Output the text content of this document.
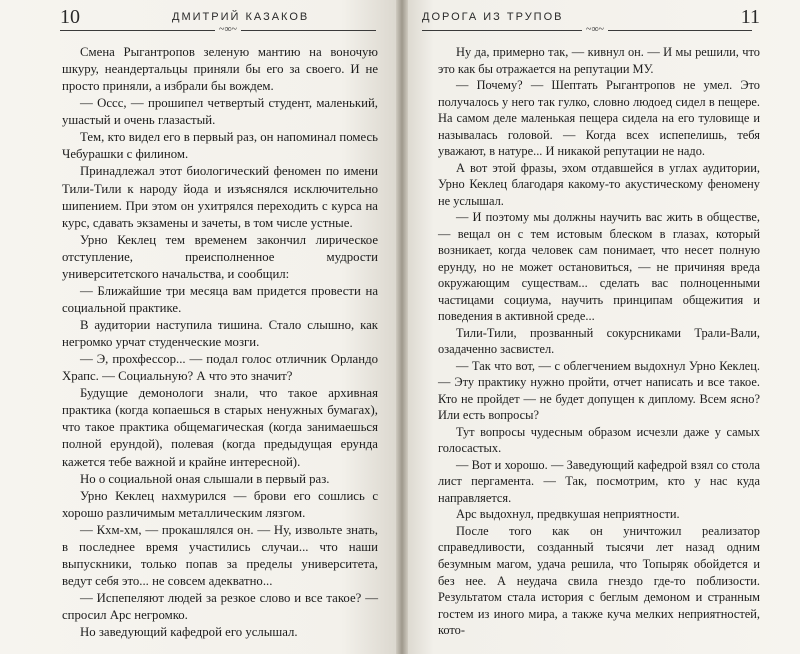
10	ДМИТРИЙ КАЗАКОВ
~∞~

Смена Рыгантропов зеленую мантию на воночую шкуру, неандертальцы приняли бы его за своего. И не просто приняли, а избрали бы вождем.

— Оссс, — прошипел четвертый студент, маленький, ушастый и очень глазастый.

Тем, кто видел его в первый раз, он напоминал помесь Чебурашки с филином.

Принадлежал этот биологический феномен по имени Тили-Тили к народу йода и изъяснялся исключительно шипением. При этом он ухитрялся переходить с курса на курс, сдавать экзамены и зачеты, в том числе устные.

Урно Кеклец тем временем закончил лирическое отступление, преисполненное мудрости университетского начальства, и сообщил:

— Ближайшие три месяца вам придется провести на социальной практике.

В аудитории наступила тишина. Стало слышно, как негромко урчат студенческие мозги.

— Э, прохфессор... — подал голос отличник Орландо Храпс. — Социальную? А что это значит?

Будущие демонологи знали, что такое архивная практика (когда копаешься в старых ненужных бумагах), что такое практика общемагическая (когда занимаешься полной ерундой), полевая (когда предыдущая ерунда кажется тебе важной и крайне интересной).

Но о социальной оная слышали в первый раз.

Урно Кеклец нахмурился — брови его сошлись с хорошо различимым металлическим лязгом.

— Кхм-хм, — прокашлялся он. — Ну, извольте знать, в последнее время участились случаи... что наши выпускники, только попав за пределы университета, ведут себя это... не совсем адекватно...

— Испепеляют людей за резкое слово и все такое? — спросил Арс негромко.

Но заведующий кафедрой его услышал.

ДОРОГА ИЗ ТРУПОВ	11
~∞~

Ну да, примерно так, — кивнул он. — И мы решили, что это как бы отражается на репутации МУ.

— Почему? — Шептать Рыгантропов не умел. Это получалось у него так гулко, словно людоед сидел в пещере. На самом деле маленькая пещера сидела на его туловище и называлась головой. — Когда всех испепелишь, тебя уважают, в натуре... И никакой репутации не надо.

А вот этой фразы, эхом отдавшейся в углах аудитории, Урно Кеклец благодаря какому-то акустическому феномену не услышал.

— И поэтому мы должны научить вас жить в обществе, — вещал он с тем истовым блеском в глазах, который возникает, когда человек сам понимает, что несет полную ерунду, но не может остановиться, — не причиняя вреда окружающим существам... сделать вас полноценными частицами социума, научить принципам общежития и поведения в активной среде...

Тили-Тили, прозванный сокурсниками Трали-Вали, озадаченно засвистел.

— Так что вот, — с облегчением выдохнул Урно Кеклец. — Эту практику нужно пройти, отчет написать и все такое. Кто не пройдет — не будет допущен к диплому. Всем ясно? Или есть вопросы?

Тут вопросы чудесным образом исчезли даже у самых голосастых.

— Вот и хорошо. — Заведующий кафедрой взял со стола лист пергамента. — Так, посмотрим, кто у нас куда направляется.

Арс выдохнул, предвкушая неприятности.

После того как он уничтожил реализатор справедливости, созданный тысячи лет назад одним безумным магом, удача решила, что Топыряк обойдется и без нее. А неудача свила гнездо где-то поблизости. Результатом стала история с беглым демоном и странным гостем из иного мира, а также куча мелких неприятностей, кото-
